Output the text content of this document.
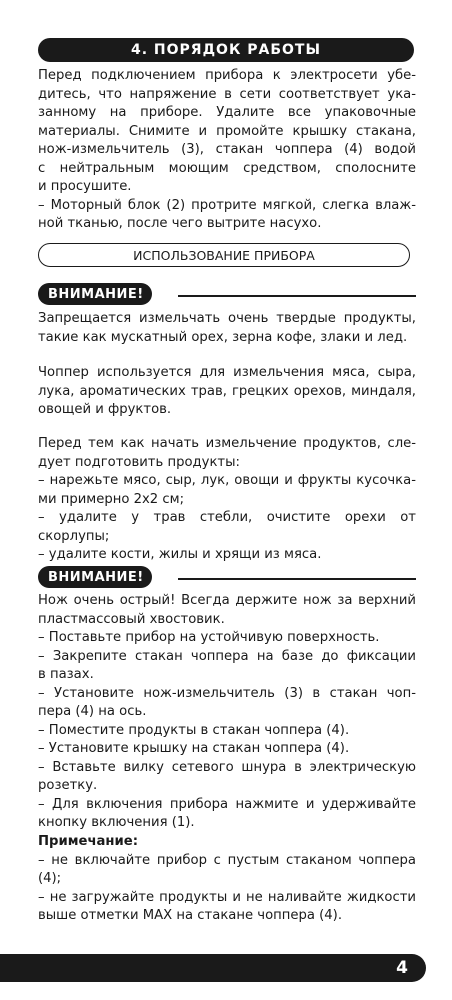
4. ПОРЯДОК РАБОТЫ
Перед подключением прибора к электросети убе-
дитесь, что напряжение в сети соответствует ука-
занному на приборе. Удалите все упаковочные
материалы. Снимите и промойте крышку стакана,
нож-измельчитель (3), стакан чоппера (4) водой
с нейтральным моющим средством, сполосните
и просушите.
– Моторный блок (2) протрите мягкой, слегка влаж-
ной тканью, после чего вытрите насухо.
ИСПОЛЬЗОВАНИЕ ПРИБОРА
ВНИМАНИЕ!
Запрещается измельчать очень твердые продукты,
такие как мускатный орех, зерна кофе, злаки и лед.
Чоппер используется для измельчения мяса, сыра,
лука, ароматических трав, грецких орехов, миндаля,
овощей и фруктов.
Перед тем как начать измельчение продуктов, сле-
дует подготовить продукты:
– нарежьте мясо, сыр, лук, овощи и фрукты кусочка-
ми примерно 2х2 см;
– удалите у трав стебли, очистите орехи от скорлупы;
– удалите кости, жилы и хрящи из мяса.
ВНИМАНИЕ!
Нож очень острый! Всегда держите нож за верхний
пластмассовый хвостовик.
– Поставьте прибор на устойчивую поверхность.
– Закрепите стакан чоппера на базе до фиксации
в пазах.
– Установите нож-измельчитель (3) в стакан чоп-
пера (4) на ось.
– Поместите продукты в стакан чоппера (4).
– Установите крышку на стакан чоппера (4).
– Вставьте вилку сетевого шнура в электрическую
розетку.
– Для включения прибора нажмите и удерживайте
кнопку включения (1).
Примечание:
– не включайте прибор с пустым стаканом чоппера (4);
– не загружайте продукты и не наливайте жидкости
выше отметки MAX на стакане чоппера (4).
4
